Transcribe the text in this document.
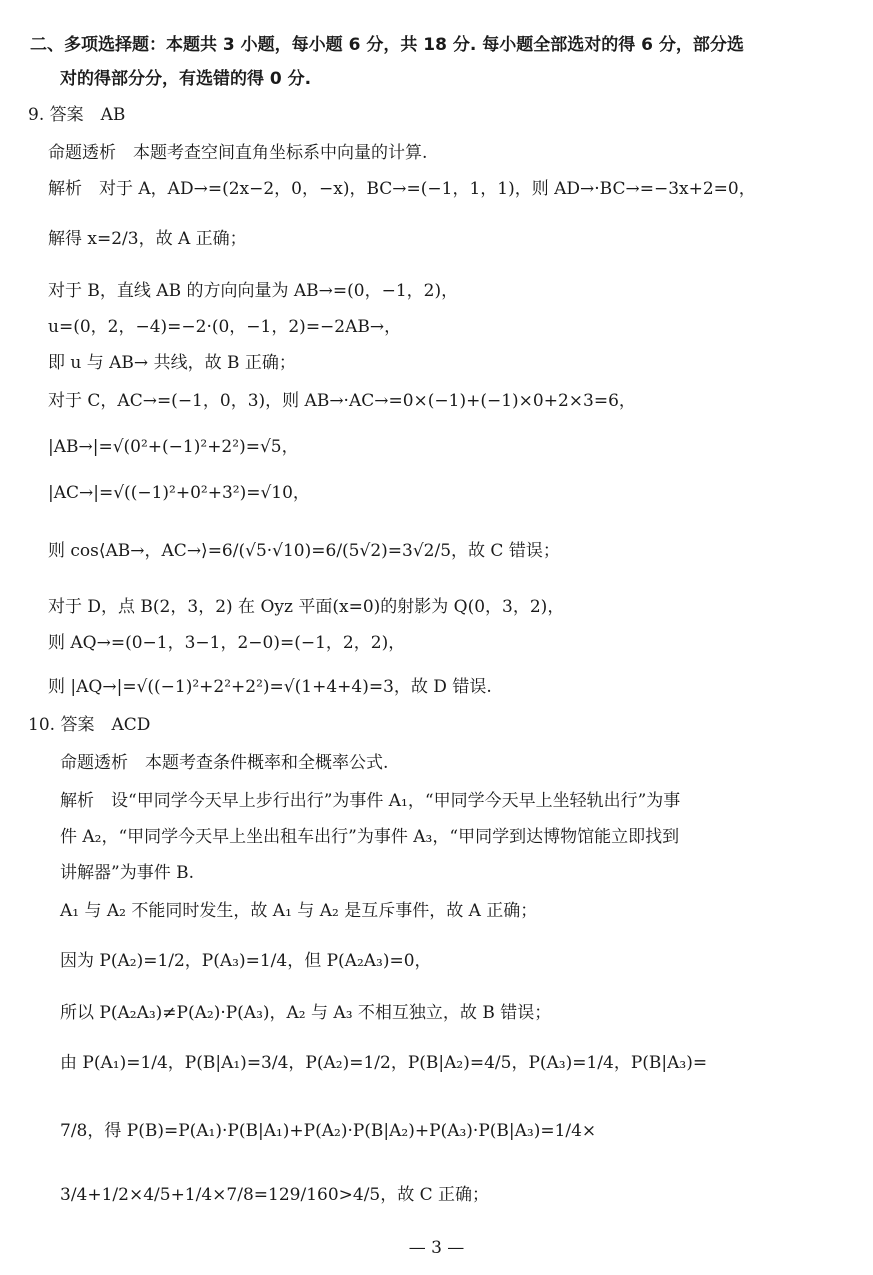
二、多项选择题：本题共 3 小题，每小题 6 分，共 18 分. 每小题全部选对的得 6 分，部分选
对的得部分分，有选错的得 0 分.
9. 答案　AB
命题透析　本题考查空间直角坐标系中向量的计算.
解析　对于 A，AD→=(2x−2，0，−x)，BC→=(−1，1，1)，则 AD→·BC→=−3x+2=0，
解得 x=2/3，故 A 正确；
对于 B，直线 AB 的方向向量为 AB→=(0，−1，2)，
u=(0，2，−4)=−2·(0，−1，2)=−2AB→，
即 u 与 AB→ 共线，故 B 正确；
对于 C，AC→=(−1，0，3)，则 AB→·AC→=0×(−1)+(−1)×0+2×3=6，
|AB→|=√(0²+(−1)²+2²)=√5，
|AC→|=√((−1)²+0²+3²)=√10，
则 cos⟨AB→，AC→⟩=6/(√5·√10)=6/(5√2)=3√2/5，故 C 错误；
对于 D，点 B(2，3，2) 在 Oyz 平面(x=0)的射影为 Q(0，3，2)，
则 AQ→=(0−1，3−1，2−0)=(−1，2，2)，
则 |AQ→|=√((−1)²+2²+2²)=√(1+4+4)=3，故 D 错误.
10. 答案　ACD
命题透析　本题考查条件概率和全概率公式.
解析　设“甲同学今天早上步行出行”为事件 A₁，“甲同学今天早上坐轻轨出行”为事
件 A₂，“甲同学今天早上坐出租车出行”为事件 A₃，“甲同学到达博物馆能立即找到
讲解器”为事件 B.
A₁ 与 A₂ 不能同时发生，故 A₁ 与 A₂ 是互斥事件，故 A 正确；
因为 P(A₂)=1/2，P(A₃)=1/4，但 P(A₂A₃)=0，
所以 P(A₂A₃)≠P(A₂)·P(A₃)，A₂ 与 A₃ 不相互独立，故 B 错误；
由 P(A₁)=1/4，P(B|A₁)=3/4，P(A₂)=1/2，P(B|A₂)=4/5，P(A₃)=1/4，P(B|A₃)=
7/8，得 P(B)=P(A₁)·P(B|A₁)+P(A₂)·P(B|A₂)+P(A₃)·P(B|A₃)=1/4×
3/4+1/2×4/5+1/4×7/8=129/160>4/5，故 C 正确；
— 3 —
